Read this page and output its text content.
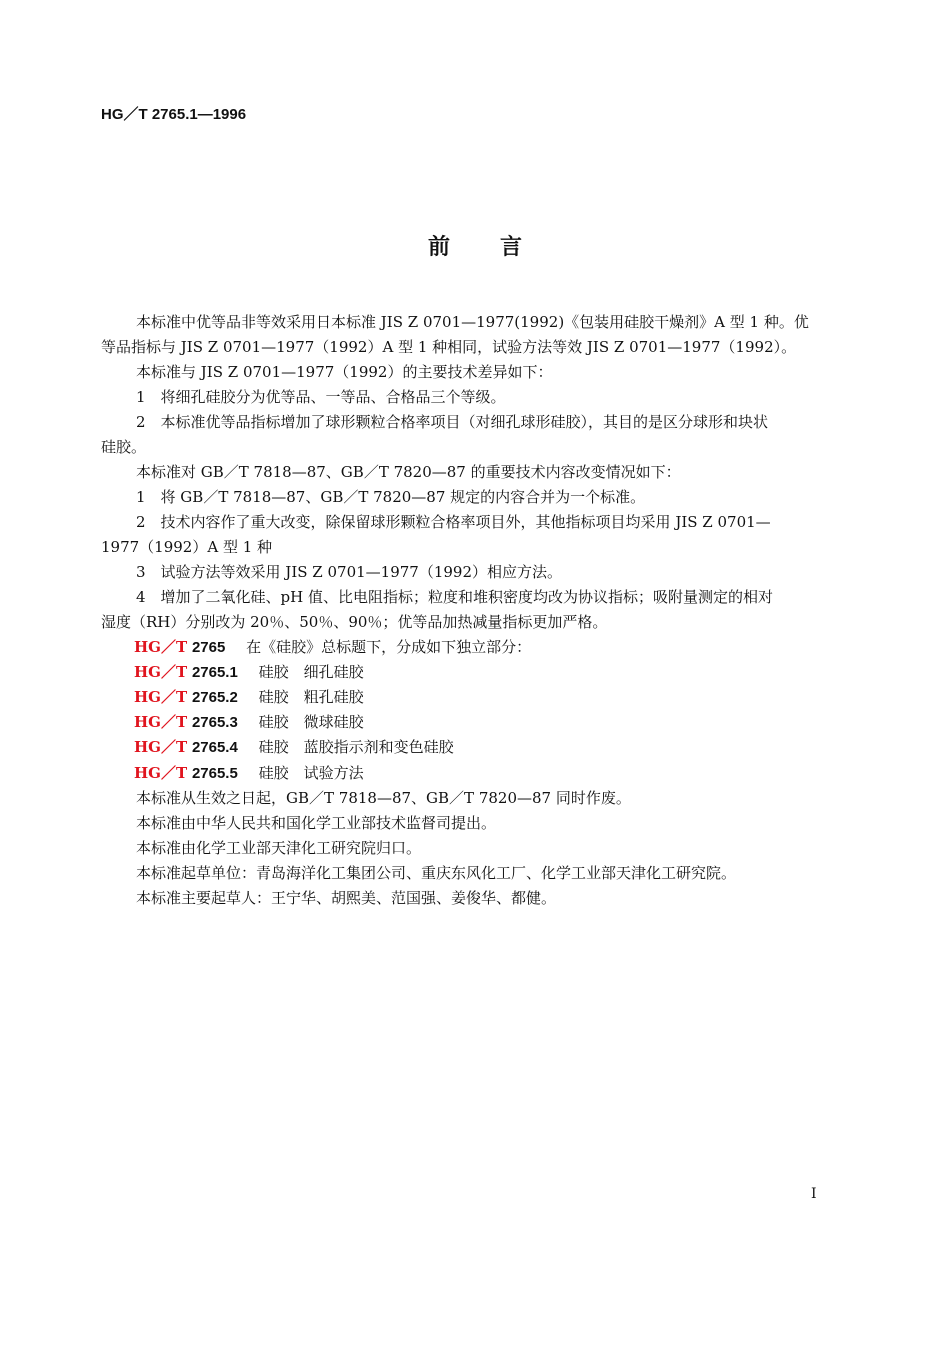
HG／T 2765.1—1996
前言
本标准中优等品非等效采用日本标准 JIS Z 0701—1977(1992)《包装用硅胶干燥剂》A 型 1 种。优
等品指标与 JIS Z 0701—1977（1992）A 型 1 种相同，试验方法等效 JIS Z 0701—1977（1992）。
本标准与 JIS Z 0701—1977（1992）的主要技术差异如下：
1　将细孔硅胶分为优等品、一等品、合格品三个等级。
2　本标准优等品指标增加了球形颗粒合格率项目（对细孔球形硅胶），其目的是区分球形和块状
硅胶。
本标准对 GB／T 7818—87、GB／T 7820—87 的重要技术内容改变情况如下：
1　将 GB／T 7818—87、GB／T 7820—87 规定的内容合并为一个标准。
2　技术内容作了重大改变，除保留球形颗粒合格率项目外，其他指标项目均采用 JIS Z 0701—
1977（1992）A 型 1 种
3　试验方法等效采用 JIS Z 0701—1977（1992）相应方法。
4　增加了二氧化硅、pH 值、比电阻指标；粒度和堆积密度均改为协议指标；吸附量测定的相对
湿度（RH）分别改为 20％、50％、90％；优等品加热减量指标更加严格。
HG／T 2765 在《硅胶》总标题下，分成如下独立部分：
HG／T 2765.1 硅胶　细孔硅胶
HG／T 2765.2 硅胶　粗孔硅胶
HG／T 2765.3 硅胶　微球硅胶
HG／T 2765.4 硅胶　蓝胶指示剂和变色硅胶
HG／T 2765.5 硅胶　试验方法
本标准从生效之日起，GB／T 7818—87、GB／T 7820—87 同时作废。
本标准由中华人民共和国化学工业部技术监督司提出。
本标准由化学工业部天津化工研究院归口。
本标准起草单位：青岛海洋化工集团公司、重庆东风化工厂、化学工业部天津化工研究院。
本标准主要起草人：王宁华、胡熙美、范国强、姜俊华、都健。
I
